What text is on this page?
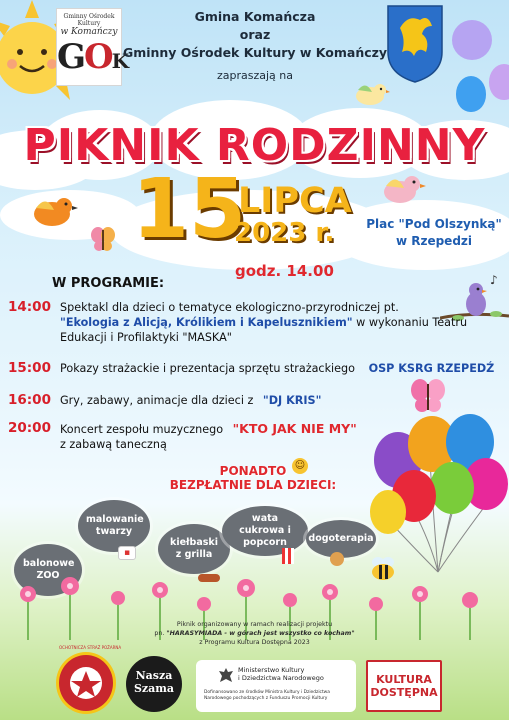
Gminny Ośrodek Kultury
w Komańczy
GOK
Gmina Komańcza
oraz
Gminny Ośrodek Kultury w Komańczy
zapraszają na
PIKNIK RODZINNY
15
LIPCA
2023 r.	Plac "Pod Olszynką"
w Rzepedzi
godz. 14.00	♪
W PROGRAMIE:
14:00 Spektakl dla dzieci o tematyce ekologiczno-przyrodniczej pt.
"Ekologia z Alicją, Królikiem i Kapelusznikiem" w wykonaniu Teatru
Edukacji i Profilaktyki "MASKA"
15:00 Pokazy strażackie i prezentacja sprzętu strażackiego OSP KSRG RZEPEDŹ
16:00 Gry, zabawy, animacje dla dzieci z "DJ KRIS"
20:00 Koncert zespołu muzycznego "KTO JAK NIE MY"
z zabawą taneczną
PONADTO
BEZPŁATNIE DLA DZIECI:
☺
malowanie twarzy
balonowe ZOO
kiełbaski z grilla
wata cukrowa i popcorn	dogoterapia
▪
Piknik organizowany w ramach realizacji projektu
pn. "HARASYMIADA - w górach jest wszystko co kocham"
z Programu Kultura Dostępna 2023
OCHOTNICZA STRAŻ POŻARNA
Nasza
Szama
Ministerstwo Kultury
i Dziedzictwa Narodowego
Dofinansowano ze środków Ministra Kultury i Dziedzictwa Narodowego pochodzących z Funduszu Promocji Kultury
KULTURA
DOSTĘPNA
